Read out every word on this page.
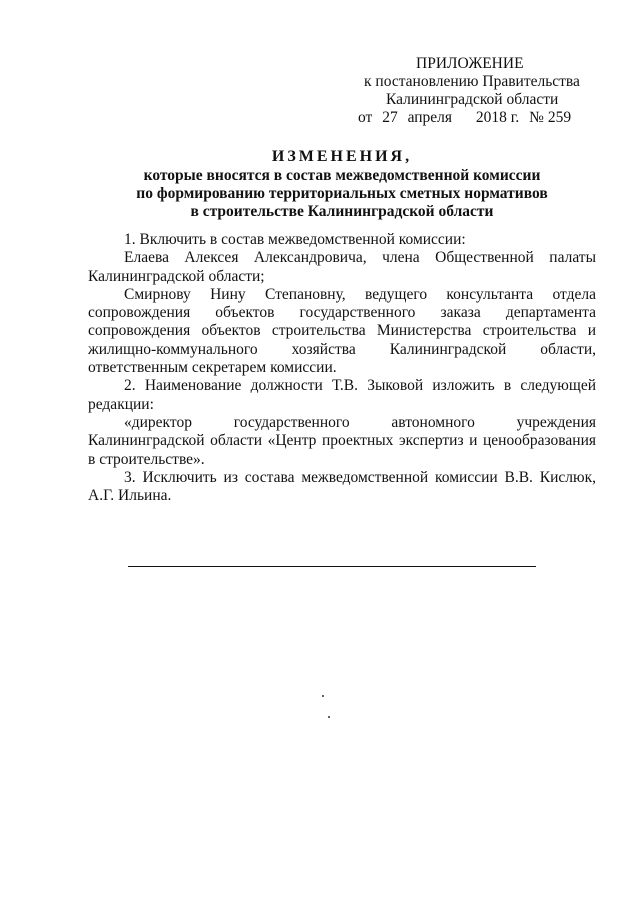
ПРИЛОЖЕНИЕ
к постановлению Правительства
Калининградской области
от 27 апреля 2018 г. № 259
ИЗМЕНЕНИЯ,
которые вносятся в состав межведомственной комиссии
по формированию территориальных сметных нормативов
в строительстве Калининградской области

1. Включить в состав межведомственной комиссии:

Елаева Алексея Александровича, члена Общественной палаты Калининградской области;

Смирнову Нину Степановну, ведущего консультанта отдела сопровождения объектов государственного заказа департамента сопровождения объектов строительства Министерства строительства и жилищно-коммунального хозяйства Калининградской области, ответственным секретарем комиссии.

2. Наименование должности Т.В. Зыковой изложить в следующей редакции:

«директор государственного автономного учреждения Калининградской области «Центр проектных экспертиз и ценообразования в строительстве».

3. Исключить из состава межведомственной комиссии В.В. Кислюк, А.Г. Ильина.
